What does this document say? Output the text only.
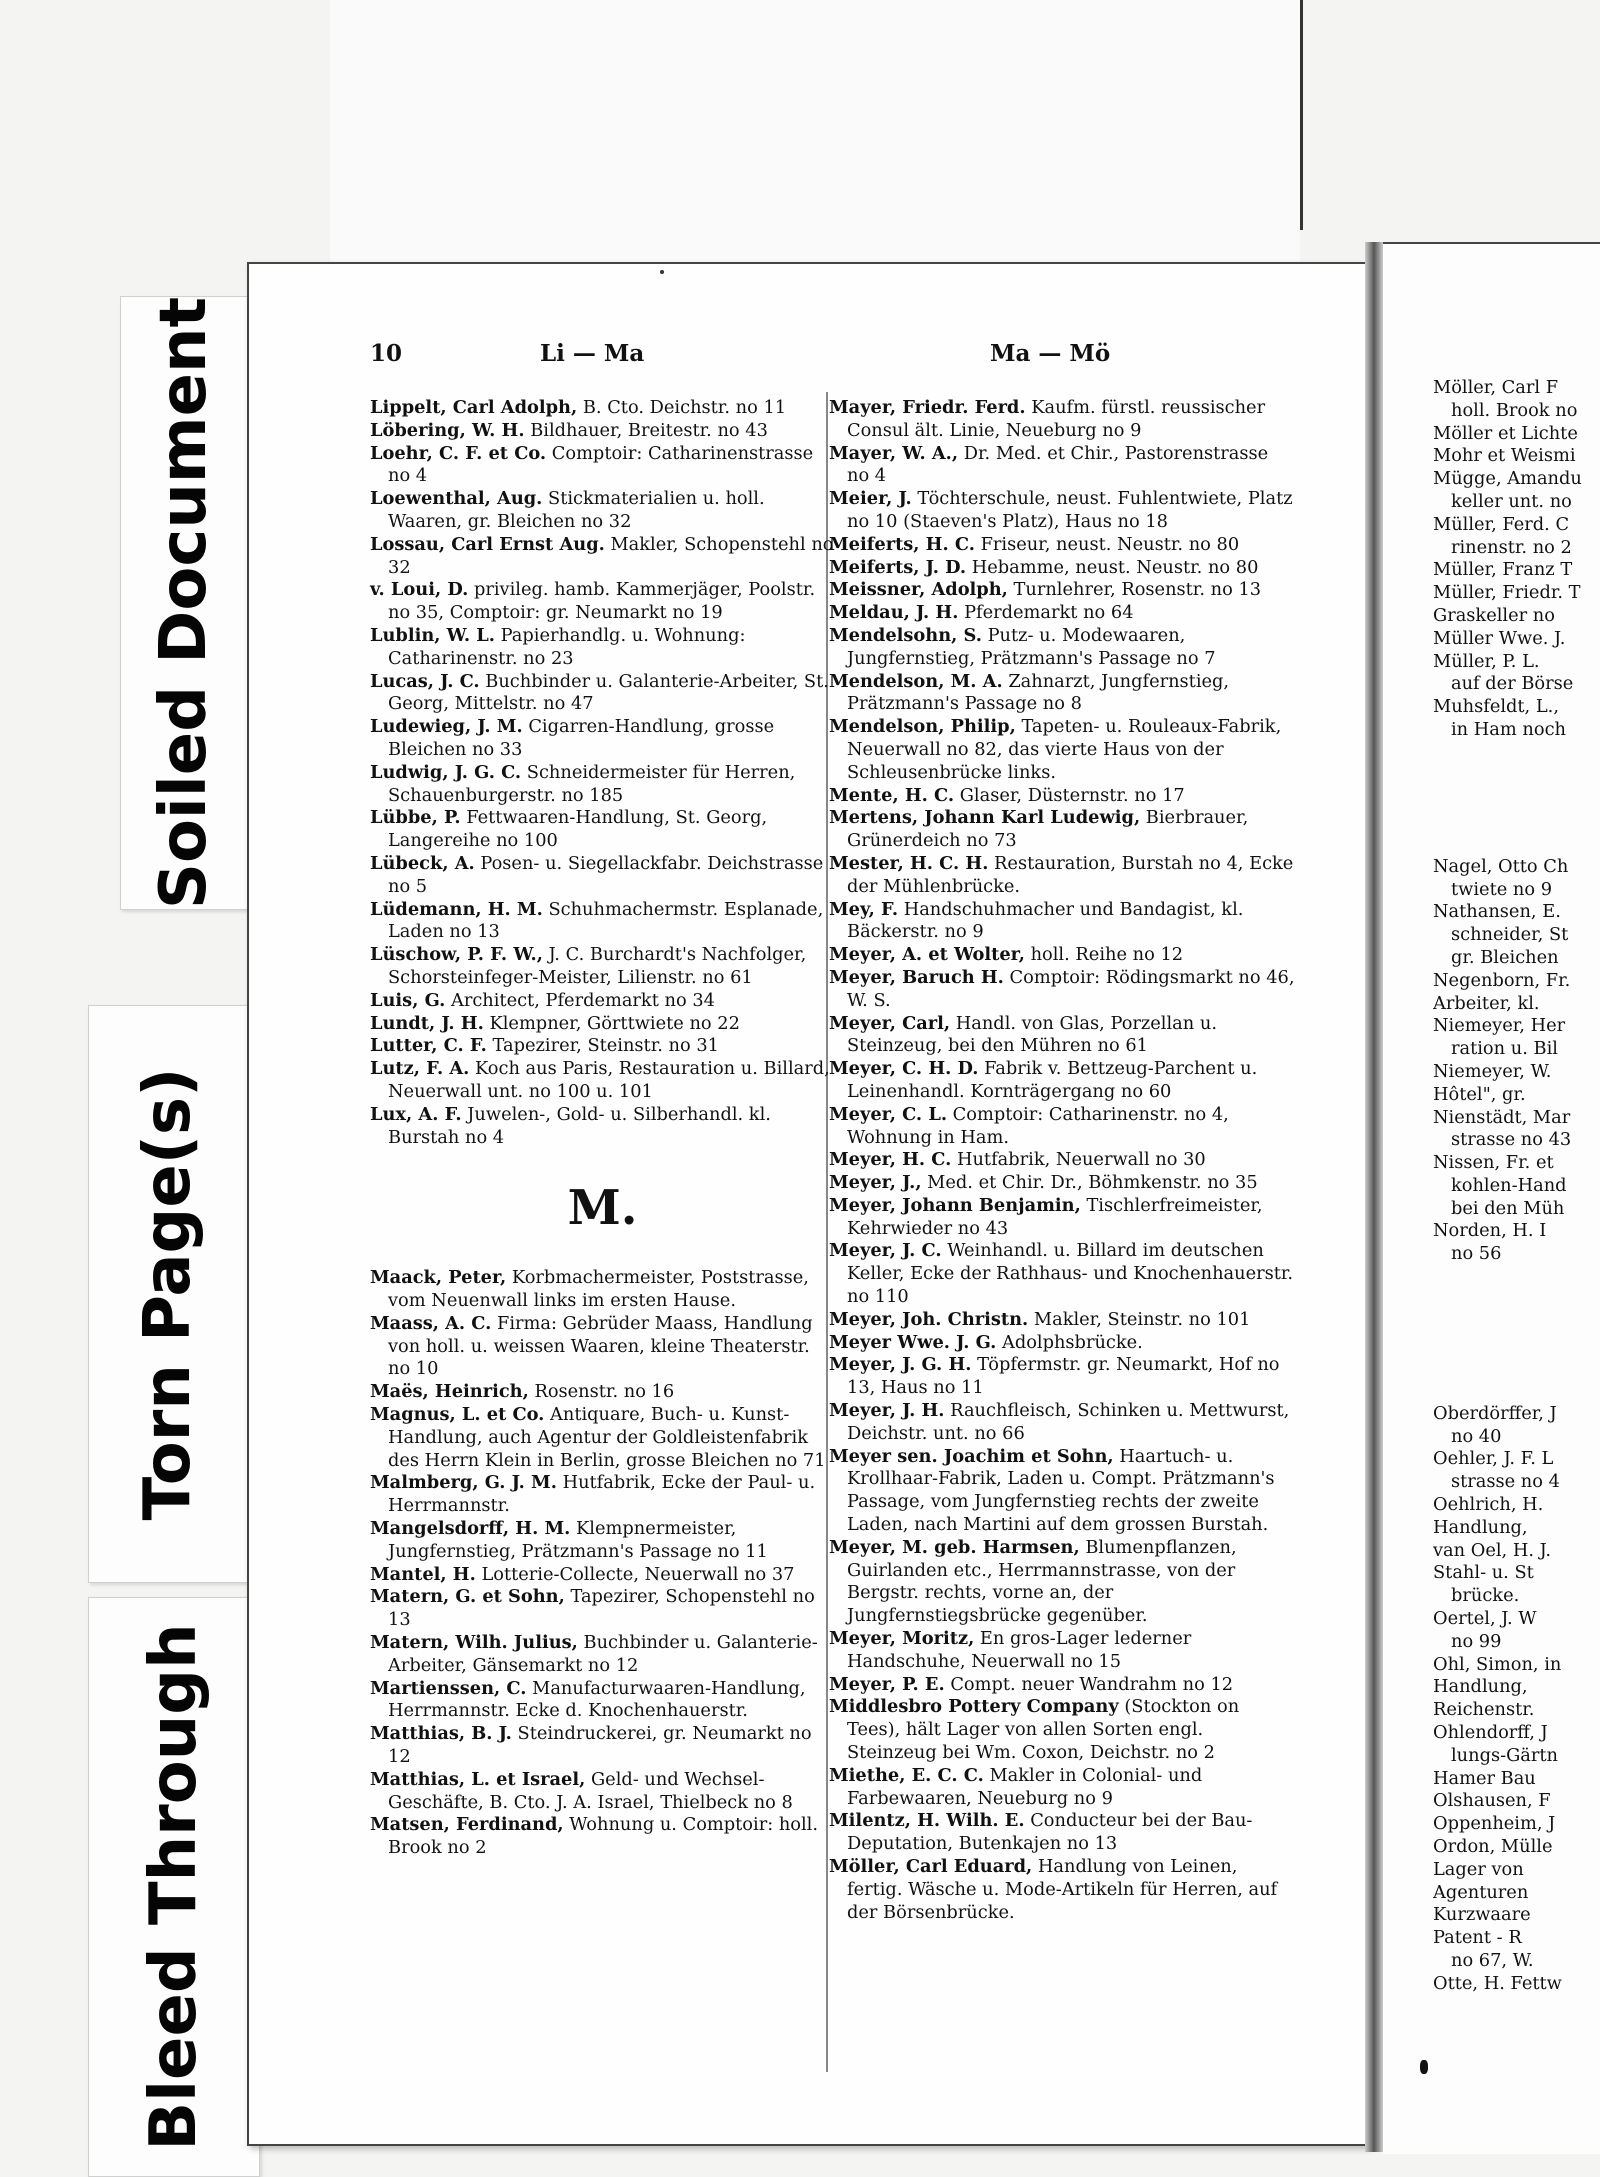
Soiled Document
Torn Page(s)
Bleed Through
10	Li — Ma	Ma — Mö
Lippelt, Carl Adolph, B. Cto. Deichstr. no 11
Löbering, W. H. Bildhauer, Breitestr. no 43
Loehr, C. F. et Co. Comptoir: Catharinenstrasse no 4
Loewenthal, Aug. Stickmaterialien u. holl. Waaren, gr. Bleichen no 32
Lossau, Carl Ernst Aug. Makler, Schopenstehl no 32
v. Loui, D. privileg. hamb. Kammerjäger, Poolstr. no 35, Comptoir: gr. Neumarkt no 19
Lublin, W. L. Papierhandlg. u. Wohnung: Catharinenstr. no 23
Lucas, J. C. Buchbinder u. Galanterie-Arbeiter, St. Georg, Mittelstr. no 47
Ludewieg, J. M. Cigarren-Handlung, grosse Bleichen no 33
Ludwig, J. G. C. Schneidermeister für Herren, Schauenburgerstr. no 185
Lübbe, P. Fettwaaren-Handlung, St. Georg, Langereihe no 100
Lübeck, A. Posen- u. Siegellackfabr. Deichstrasse no 5
Lüdemann, H. M. Schuhmachermstr. Esplanade, Laden no 13
Lüschow, P. F. W., J. C. Burchardt's Nachfolger, Schorsteinfeger-Meister, Lilienstr. no 61
Luis, G. Architect, Pferdemarkt no 34
Lundt, J. H. Klempner, Görttwiete no 22
Lutter, C. F. Tapezirer, Steinstr. no 31
Lutz, F. A. Koch aus Paris, Restauration u. Billard, Neuerwall unt. no 100 u. 101
Lux, A. F. Juwelen-, Gold- u. Silberhandl. kl. Burstah no 4
M.
Maack, Peter, Korbmachermeister, Poststrasse, vom Neuenwall links im ersten Hause.
Maass, A. C. Firma: Gebrüder Maass, Handlung von holl. u. weissen Waaren, kleine Theaterstr. no 10
Maës, Heinrich, Rosenstr. no 16
Magnus, L. et Co. Antiquare, Buch- u. Kunst-Handlung, auch Agentur der Goldleistenfabrik des Herrn Klein in Berlin, grosse Bleichen no 71
Malmberg, G. J. M. Hutfabrik, Ecke der Paul- u. Herrmannstr.
Mangelsdorff, H. M. Klempnermeister, Jungfernstieg, Prätzmann's Passage no 11
Mantel, H. Lotterie-Collecte, Neuerwall no 37
Matern, G. et Sohn, Tapezirer, Schopenstehl no 13
Matern, Wilh. Julius, Buchbinder u. Galanterie-Arbeiter, Gänsemarkt no 12
Martienssen, C. Manufacturwaaren-Handlung, Herrmannstr. Ecke d. Knochenhauerstr.
Matthias, B. J. Steindruckerei, gr. Neumarkt no 12
Matthias, L. et Israel, Geld- und Wechsel-Geschäfte, B. Cto. J. A. Israel, Thielbeck no 8
Matsen, Ferdinand, Wohnung u. Comptoir: holl. Brook no 2
Mayer, Friedr. Ferd. Kaufm. fürstl. reussischer Consul ält. Linie, Neueburg no 9
Mayer, W. A., Dr. Med. et Chir., Pastorenstrasse no 4
Meier, J. Töchterschule, neust. Fuhlentwiete, Platz no 10 (Staeven's Platz), Haus no 18
Meiferts, H. C. Friseur, neust. Neustr. no 80
Meiferts, J. D. Hebamme, neust. Neustr. no 80
Meissner, Adolph, Turnlehrer, Rosenstr. no 13
Meldau, J. H. Pferdemarkt no 64
Mendelsohn, S. Putz- u. Modewaaren, Jungfernstieg, Prätzmann's Passage no 7
Mendelson, M. A. Zahnarzt, Jungfernstieg, Prätzmann's Passage no 8
Mendelson, Philip, Tapeten- u. Rouleaux-Fabrik, Neuerwall no 82, das vierte Haus von der Schleusenbrücke links.
Mente, H. C. Glaser, Düsternstr. no 17
Mertens, Johann Karl Ludewig, Bierbrauer, Grünerdeich no 73
Mester, H. C. H. Restauration, Burstah no 4, Ecke der Mühlenbrücke.
Mey, F. Handschuhmacher und Bandagist, kl. Bäckerstr. no 9
Meyer, A. et Wolter, holl. Reihe no 12
Meyer, Baruch H. Comptoir: Rödingsmarkt no 46, W. S.
Meyer, Carl, Handl. von Glas, Porzellan u. Steinzeug, bei den Mühren no 61
Meyer, C. H. D. Fabrik v. Bettzeug-Parchent u. Leinenhandl. Kornträgergang no 60
Meyer, C. L. Comptoir: Catharinenstr. no 4, Wohnung in Ham.
Meyer, H. C. Hutfabrik, Neuerwall no 30
Meyer, J., Med. et Chir. Dr., Böhmkenstr. no 35
Meyer, Johann Benjamin, Tischlerfreimeister, Kehrwieder no 43
Meyer, J. C. Weinhandl. u. Billard im deutschen Keller, Ecke der Rathhaus- und Knochenhauerstr. no 110
Meyer, Joh. Christn. Makler, Steinstr. no 101
Meyer Wwe. J. G. Adolphsbrücke.
Meyer, J. G. H. Töpfermstr. gr. Neumarkt, Hof no 13, Haus no 11
Meyer, J. H. Rauchfleisch, Schinken u. Mettwurst, Deichstr. unt. no 66
Meyer sen. Joachim et Sohn, Haartuch- u. Krollhaar-Fabrik, Laden u. Compt. Prätzmann's Passage, vom Jungfernstieg rechts der zweite Laden, nach Martini auf dem grossen Burstah.
Meyer, M. geb. Harmsen, Blumenpflanzen, Guirlanden etc., Herrmannstrasse, von der Bergstr. rechts, vorne an, der Jungfernstiegsbrücke gegenüber.
Meyer, Moritz, En gros-Lager lederner Handschuhe, Neuerwall no 15
Meyer, P. E. Compt. neuer Wandrahm no 12
Middlesbro Pottery Company (Stockton on Tees), hält Lager von allen Sorten engl. Steinzeug bei Wm. Coxon, Deichstr. no 2
Miethe, E. C. C. Makler in Colonial- und Farbewaaren, Neueburg no 9
Milentz, H. Wilh. E. Conducteur bei der Bau-Deputation, Butenkajen no 13
Möller, Carl Eduard, Handlung von Leinen, fertig. Wäsche u. Mode-Artikeln für Herren, auf der Börsenbrücke.
Möller, Carl F
holl. Brook no
Möller et Lichte
Mohr et Weismi
Mügge, Amandu
keller unt. no
Müller, Ferd. C
rinenstr. no 2
Müller, Franz T
Müller, Friedr. T
Graskeller no
Müller Wwe. J.
Müller, P. L.
auf der Börse
Muhsfeldt, L.,
in Ham noch
Nagel, Otto Ch
twiete no 9
Nathansen, E.
schneider, St
gr. Bleichen
Negenborn, Fr.
Arbeiter, kl.
Niemeyer, Her
ration u. Bil
Niemeyer, W.
Hôtel", gr.
Nienstädt, Mar
strasse no 43
Nissen, Fr. et
kohlen-Hand
bei den Müh
Norden, H. I
no 56
Oberdörffer, J
no 40
Oehler, J. F. L
strasse no 4
Oehlrich, H.
Handlung,
van Oel, H. J.
Stahl- u. St
brücke.
Oertel, J. W
no 99
Ohl, Simon, in
Handlung,
Reichenstr.
Ohlendorff, J
lungs-Gärtn
Hamer Bau
Olshausen, F
Oppenheim, J
Ordon, Mülle
Lager von
Agenturen
Kurzwaare
Patent - R
no 67, W.
Otte, H. Fettw
